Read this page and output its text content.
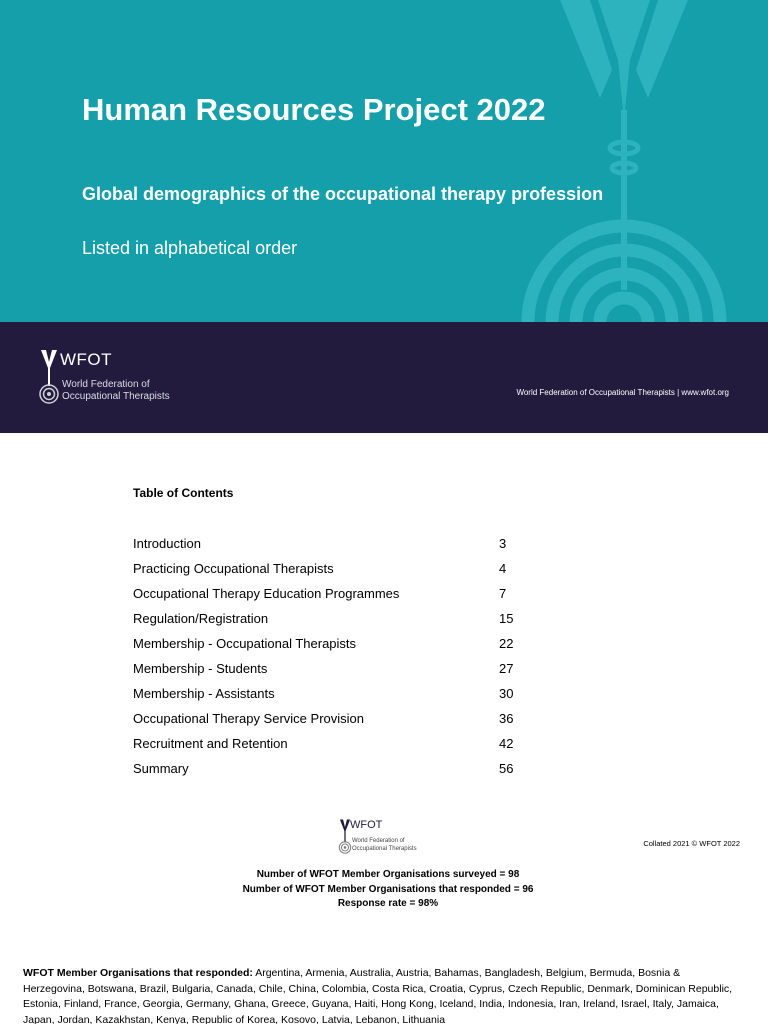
Human Resources Project 2022
Global demographics of the occupational therapy profession
Listed in alphabetical order
WFOT
World Federation of
Occupational Therapists	World Federation of Occupational Therapists | www.wfot.org
Table of Contents
Introduction	3
Practicing Occupational Therapists	4
Occupational Therapy Education Programmes	7
Regulation/Registration	15
Membership - Occupational Therapists	22
Membership - Students	27
Membership - Assistants	30
Occupational Therapy Service Provision	36
Recruitment and Retention	42
Summary	56
WFOT
World Federation of
Occupational Therapists
Collated 2021 © WFOT 2022
Number of WFOT Member Organisations surveyed = 98
Number of WFOT Member Organisations that responded = 96
Response rate = 98%
WFOT Member Organisations that responded: Argentina, Armenia, Australia, Austria, Bahamas, Bangladesh, Belgium, Bermuda, Bosnia & Herzegovina, Botswana, Brazil, Bulgaria, Canada, Chile, China, Colombia, Costa Rica, Croatia, Cyprus, Czech Republic, Denmark, Dominican Republic, Estonia, Finland, France, Georgia, Germany, Ghana, Greece, Guyana, Haiti, Hong Kong, Iceland, India, Indonesia, Iran, Ireland, Israel, Italy, Jamaica, Japan, Jordan, Kazakhstan, Kenya, Republic of Korea, Kosovo, Latvia, Lebanon, Lithuania
